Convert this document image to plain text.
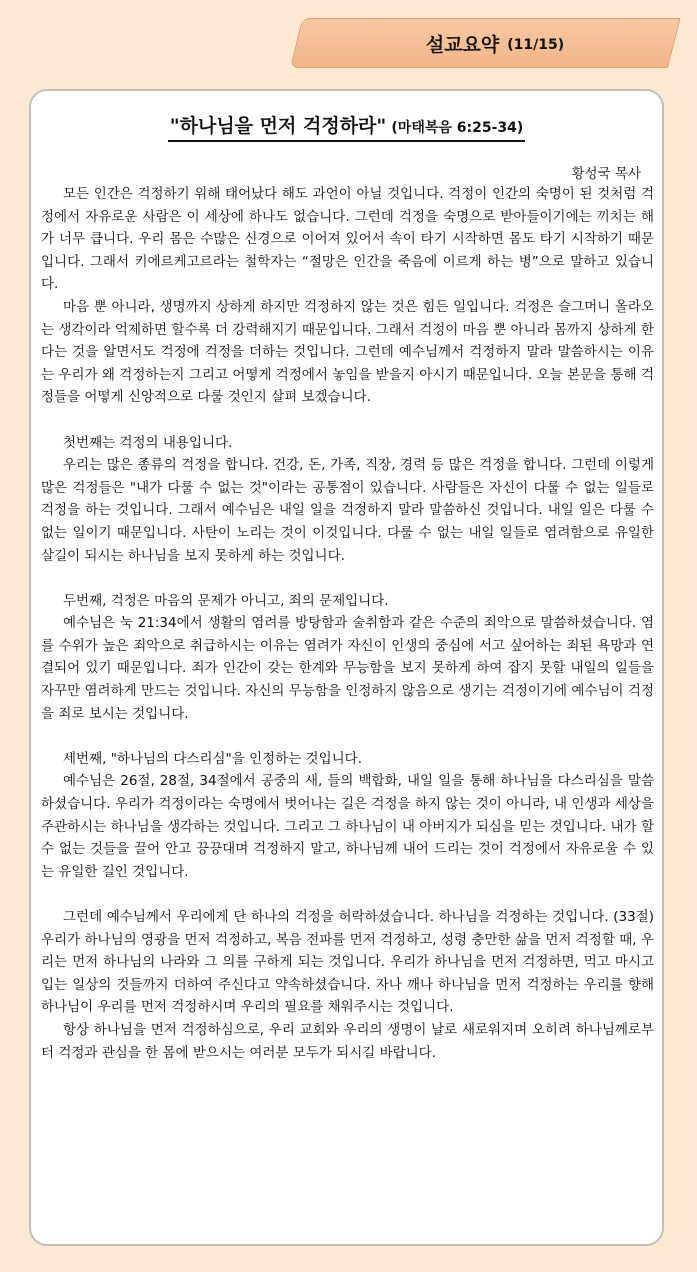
설교요약 (11/15)
"하나님을 먼저 걱정하라" (마태복음 6:25-34)
황성국 목사

모든 인간은 걱정하기 위해 태어났다 해도 과언이 아닐 것입니다. 걱정이 인간의 숙명이 된 것처럼 걱정에서 자유로운 사람은 이 세상에 하나도 없습니다. 그런데 걱정을 숙명으로 받아들이기에는 끼치는 해가 너무 큽니다. 우리 몸은 수많은 신경으로 이어져 있어서 속이 타기 시작하면 몸도 타기 시작하기 때문입니다. 그래서 키에르케고르라는 철학자는 “절망은 인간을 죽음에 이르게 하는 병”으로 말하고 있습니다.

마음 뿐 아니라, 생명까지 상하게 하지만 걱정하지 않는 것은 힘든 일입니다. 걱정은 슬그머니 올라오는 생각이라 억제하면 할수록 더 강력해지기 때문입니다. 그래서 걱정이 마음 뿐 아니라 몸까지 상하게 한다는 것을 알면서도 걱정에 걱정을 더하는 것입니다. 그런데 예수님께서 걱정하지 말라 말씀하시는 이유는 우리가 왜 걱정하는지 그리고 어떻게 걱정에서 놓임을 받을지 아시기 때문입니다. 오늘 본문을 통해 걱정들을 어떻게 신앙적으로 다룰 것인지 살펴 보겠습니다.

첫번째는 걱정의 내용입니다.

우리는 많은 종류의 걱정을 합니다. 건강, 돈, 가족, 직장, 경력 등 많은 걱정을 합니다. 그런데 이렇게 많은 걱정들은 "내가 다룰 수 없는 것"이라는 공통점이 있습니다. 사람들은 자신이 다룰 수 없는 일들로 걱정을 하는 것입니다. 그래서 예수님은 내일 일을 걱정하지 말라 말씀하신 것입니다. 내일 일은 다룰 수 없는 일이기 때문입니다. 사탄이 노리는 것이 이것입니다. 다룰 수 없는 내일 일들로 염려함으로 유일한 살길이 되시는 하나님을 보지 못하게 하는 것입니다.

두번째, 걱정은 마음의 문제가 아니고, 죄의 문제입니다.

예수님은 눅 21:34에서 생활의 염려를 방탕함과 술취함과 같은 수준의 죄악으로 말씀하셨습니다. 염를 수위가 높은 죄악으로 취급하시는 이유는 염려가 자신이 인생의 중심에 서고 싶어하는 죄된 욕망과 연결되어 있기 때문입니다. 죄가 인간이 갖는 한계와 무능함을 보지 못하게 하여 잡지 못할 내일의 일들을 자꾸만 염려하게 만드는 것입니다. 자신의 무능함을 인정하지 않음으로 생기는 걱정이기에 예수님이 걱정을 죄로 보시는 것입니다.

세번째, "하나님의 다스리심"을 인정하는 것입니다.

예수님은 26절, 28절, 34절에서 공중의 새, 들의 백합화, 내일 일을 통해 하나님을 다스리심을 말씀하셨습니다. 우리가 걱정이라는 숙명에서 벗어나는 길은 걱정을 하지 않는 것이 아니라, 내 인생과 세상을 주관하시는 하나님을 생각하는 것입니다. 그리고 그 하나님이 내 아버지가 되심을 믿는 것입니다. 내가 할 수 없는 것들을 끌어 안고 끙끙대며 걱정하지 말고, 하나님께 내어 드리는 것이 걱정에서 자유로울 수 있는 유일한 길인 것입니다.

그런데 예수님께서 우리에게 단 하나의 걱정을 허락하셨습니다. 하나님을 걱정하는 것입니다. (33절)우리가 하나님의 영광을 먼저 걱정하고, 복음 전파를 먼저 걱정하고, 성령 충만한 삶을 먼저 걱정할 때, 우리는 먼저 하나님의 나라와 그 의를 구하게 되는 것입니다. 우리가 하나님을 먼저 걱정하면, 먹고 마시고 입는 일상의 것들까지 더하여 주신다고 약속하셨습니다. 자나 깨나 하나님을 먼저 걱정하는 우리를 향해 하나님이 우리를 먼저 걱정하시며 우리의 필요를 채워주시는 것입니다.

항상 하나님을 먼저 걱정하심으로, 우리 교회와 우리의 생명이 날로 새로워지며 오히려 하나님께로부터 걱정과 관심을 한 몸에 받으시는 여러분 모두가 되시길 바랍니다.
